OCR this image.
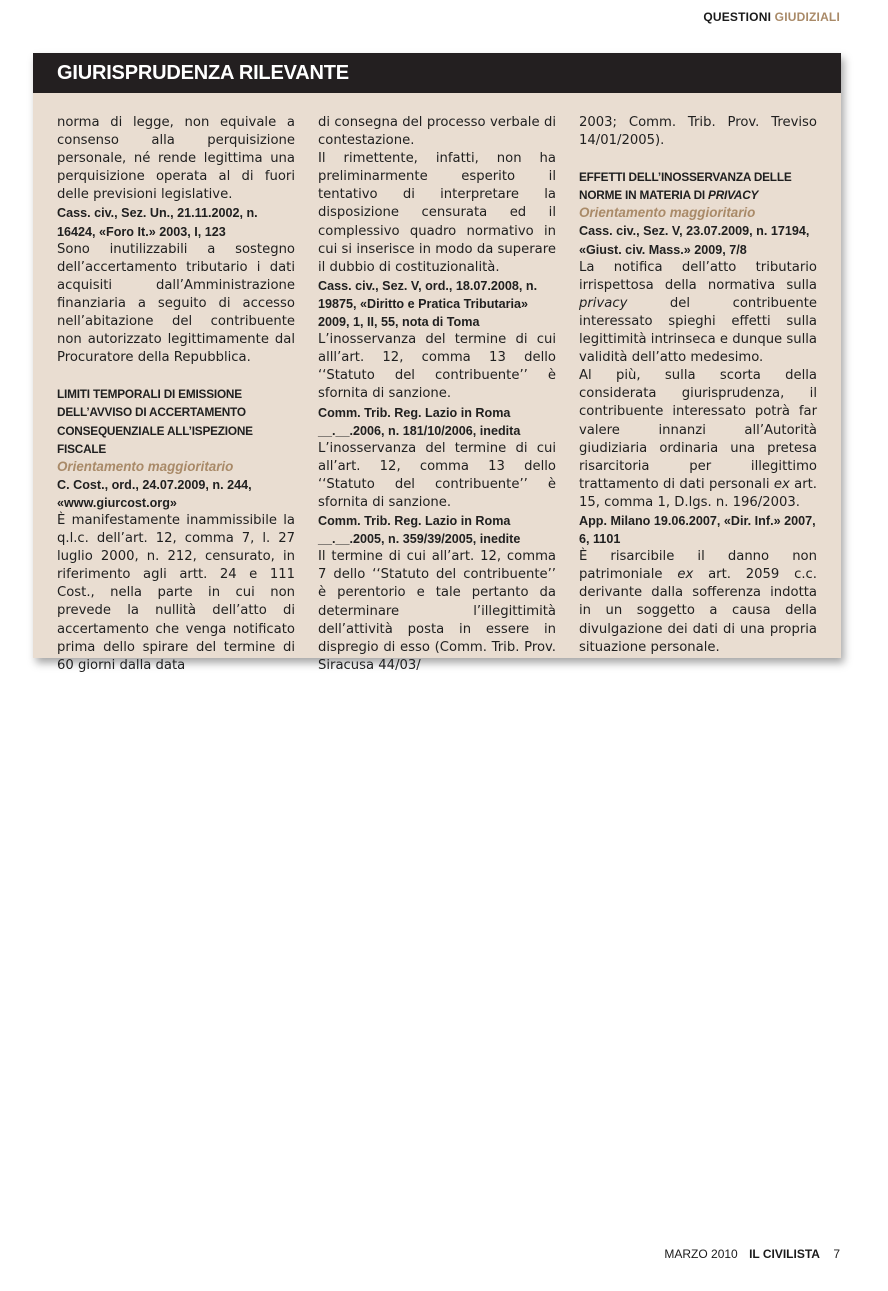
QUESTIONI GIUDIZIALI
GIURISPRUDENZA RILEVANTE

norma di legge, non equivale a consenso alla perquisizione personale, né rende legittima una perquisizione operata al di fuori delle previsioni legislative.

Cass. civ., Sez. Un., 21.11.2002, n. 16424, «Foro It.» 2003, I, 123

Sono inutilizzabili a sostegno dell’accertamento tributario i dati acquisiti dall’Amministrazione finanziaria a seguito di accesso nell’abitazione del contribuente non autorizzato legittimamente dal Procuratore della Repubblica.

LIMITI TEMPORALI DI EMISSIONE DELL’AVVISO DI ACCERTAMENTO CONSEQUENZIALE ALL’ISPEZIONE FISCALE

Orientamento maggioritario

C. Cost., ord., 24.07.2009, n. 244, «www.giurcost.org»

È manifestamente inammissibile la q.l.c. dell’art. 12, comma 7, l. 27 luglio 2000, n. 212, censurato, in riferimento agli artt. 24 e 111 Cost., nella parte in cui non prevede la nullità dell’atto di accertamento che venga notificato prima dello spirare del termine di 60 giorni dalla data

di consegna del processo verbale di contestazione.

Il rimettente, infatti, non ha preliminarmente esperito il tentativo di interpretare la disposizione censurata ed il complessivo quadro normativo in cui si inserisce in modo da superare il dubbio di costituzionalità.

Cass. civ., Sez. V, ord., 18.07.2008, n. 19875, «Diritto e Pratica Tributaria» 2009, 1, II, 55, nota di Toma

L’inosservanza del termine di cui alll’art. 12, comma 13 dello ‘‘Statuto del contribuente’’ è sfornita di sanzione.

Comm. Trib. Reg. Lazio in Roma __.__.2006, n. 181/10/2006, inedita

L’inosservanza del termine di cui all’art. 12, comma 13 dello ‘‘Statuto del contribuente’’ è sfornita di sanzione.

Comm. Trib. Reg. Lazio in Roma __.__.2005, n. 359/39/2005, inedite

Il termine di cui all’art. 12, comma 7 dello ‘‘Statuto del contribuente’’ è perentorio e tale pertanto da determinare l’illegittimità dell’attività posta in essere in dispregio di esso (Comm. Trib. Prov. Siracusa 44/03/

2003; Comm. Trib. Prov. Treviso 14/01/2005).

EFFETTI DELL’INOSSERVANZA DELLE NORME IN MATERIA DI PRIVACY

Orientamento maggioritario

Cass. civ., Sez. V, 23.07.2009, n. 17194, «Giust. civ. Mass.» 2009, 7/8

La notifica dell’atto tributario irrispettosa della normativa sulla privacy del contribuente interessato spieghi effetti sulla legittimità intrinseca e dunque sulla validità dell’atto medesimo.

Al più, sulla scorta della considerata giurisprudenza, il contribuente interessato potrà far valere innanzi all’Autorità giudiziaria ordinaria una pretesa risarcitoria per illegittimo trattamento di dati personali ex art. 15, comma 1, D.lgs. n. 196/2003.

App. Milano 19.06.2007, «Dir. Inf.» 2007, 6, 1101

È risarcibile il danno non patrimoniale ex art. 2059 c.c. derivante dalla sofferenza indotta in un soggetto a causa della divulgazione dei dati di una propria situazione personale.

MARZO 2010 IL CIVILISTA 7
